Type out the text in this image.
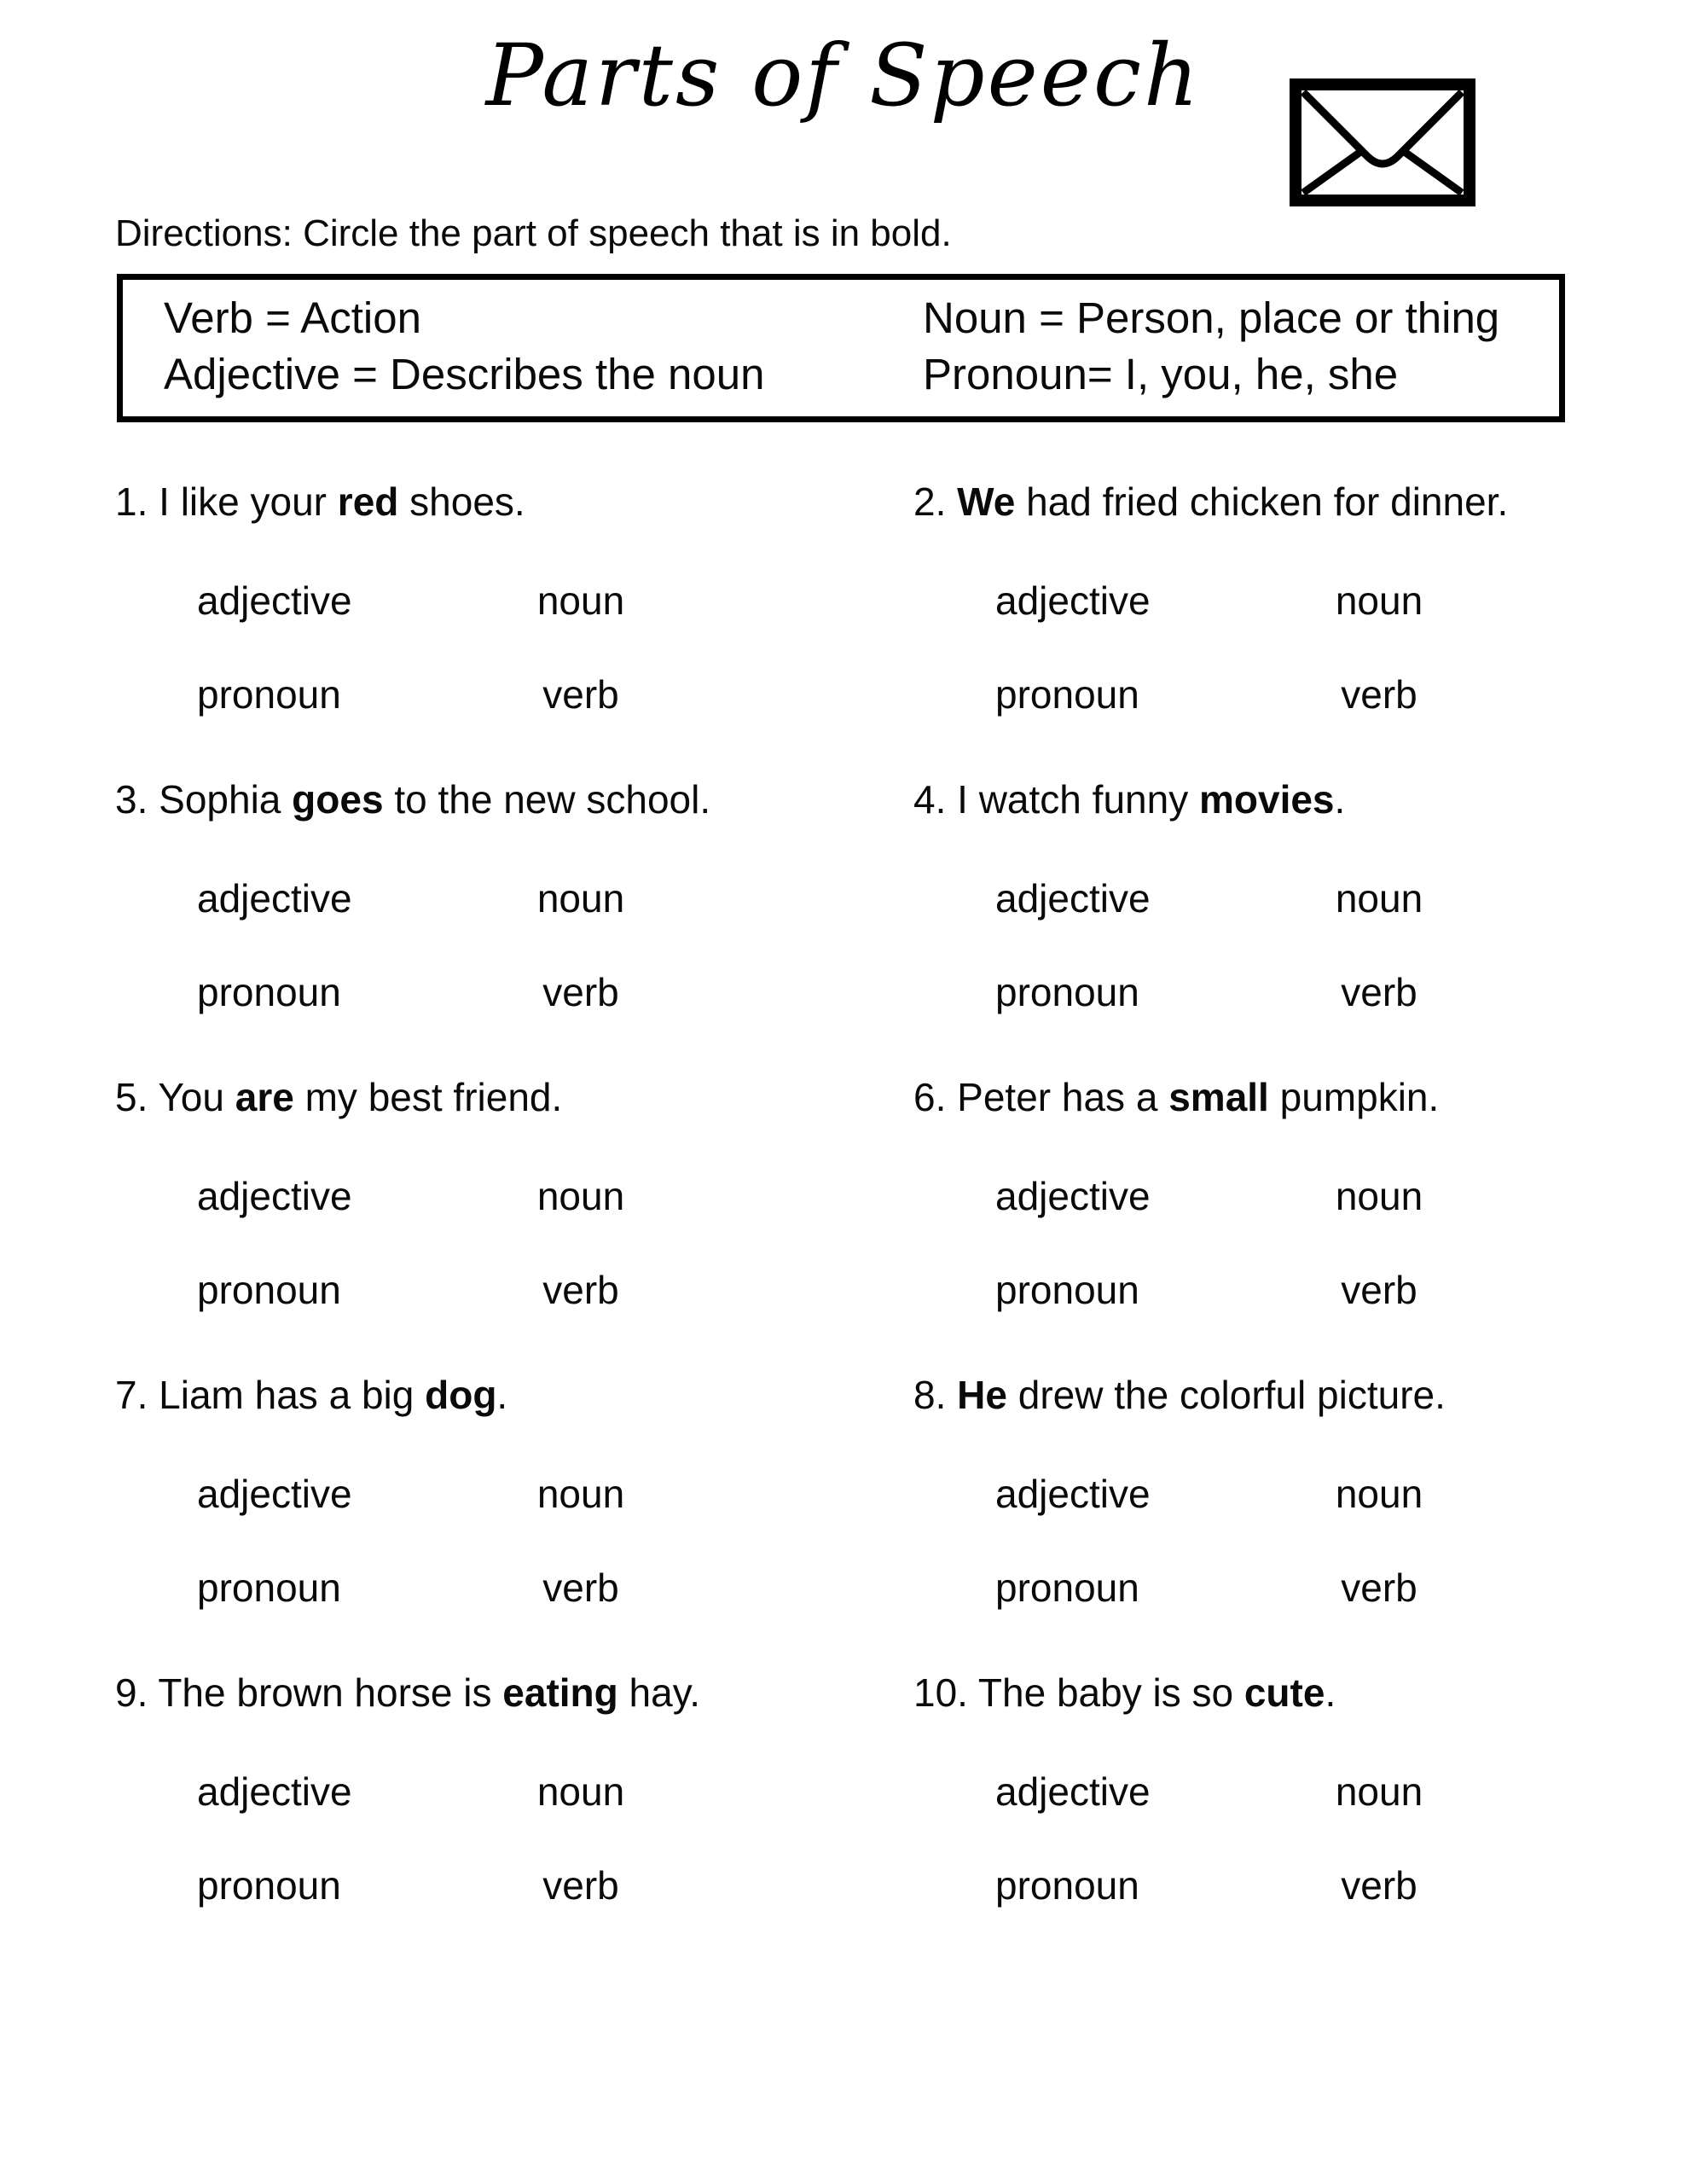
Parts of Speech

Directions: Circle the part of speech that is in bold.

Verb = Action
Adjective = Describes the noun
Noun = Person, place or thing
Pronoun= I, you, he, she

1. I like your red shoes.

adjective	noun
pronoun	verb

2. We had fried chicken for dinner.

adjective	noun
pronoun	verb

3. Sophia goes to the new school.

adjective	noun
pronoun	verb

4. I watch funny movies.

adjective	noun
pronoun	verb

5. You are my best friend.

adjective	noun
pronoun	verb

6. Peter has a small pumpkin.

adjective	noun
pronoun	verb

7. Liam has a big dog.

adjective	noun
pronoun	verb

8. He drew the colorful picture.

adjective	noun
pronoun	verb

9. The brown horse is eating hay.

adjective	noun
pronoun	verb

10. The baby is so cute.

adjective	noun
pronoun	verb
